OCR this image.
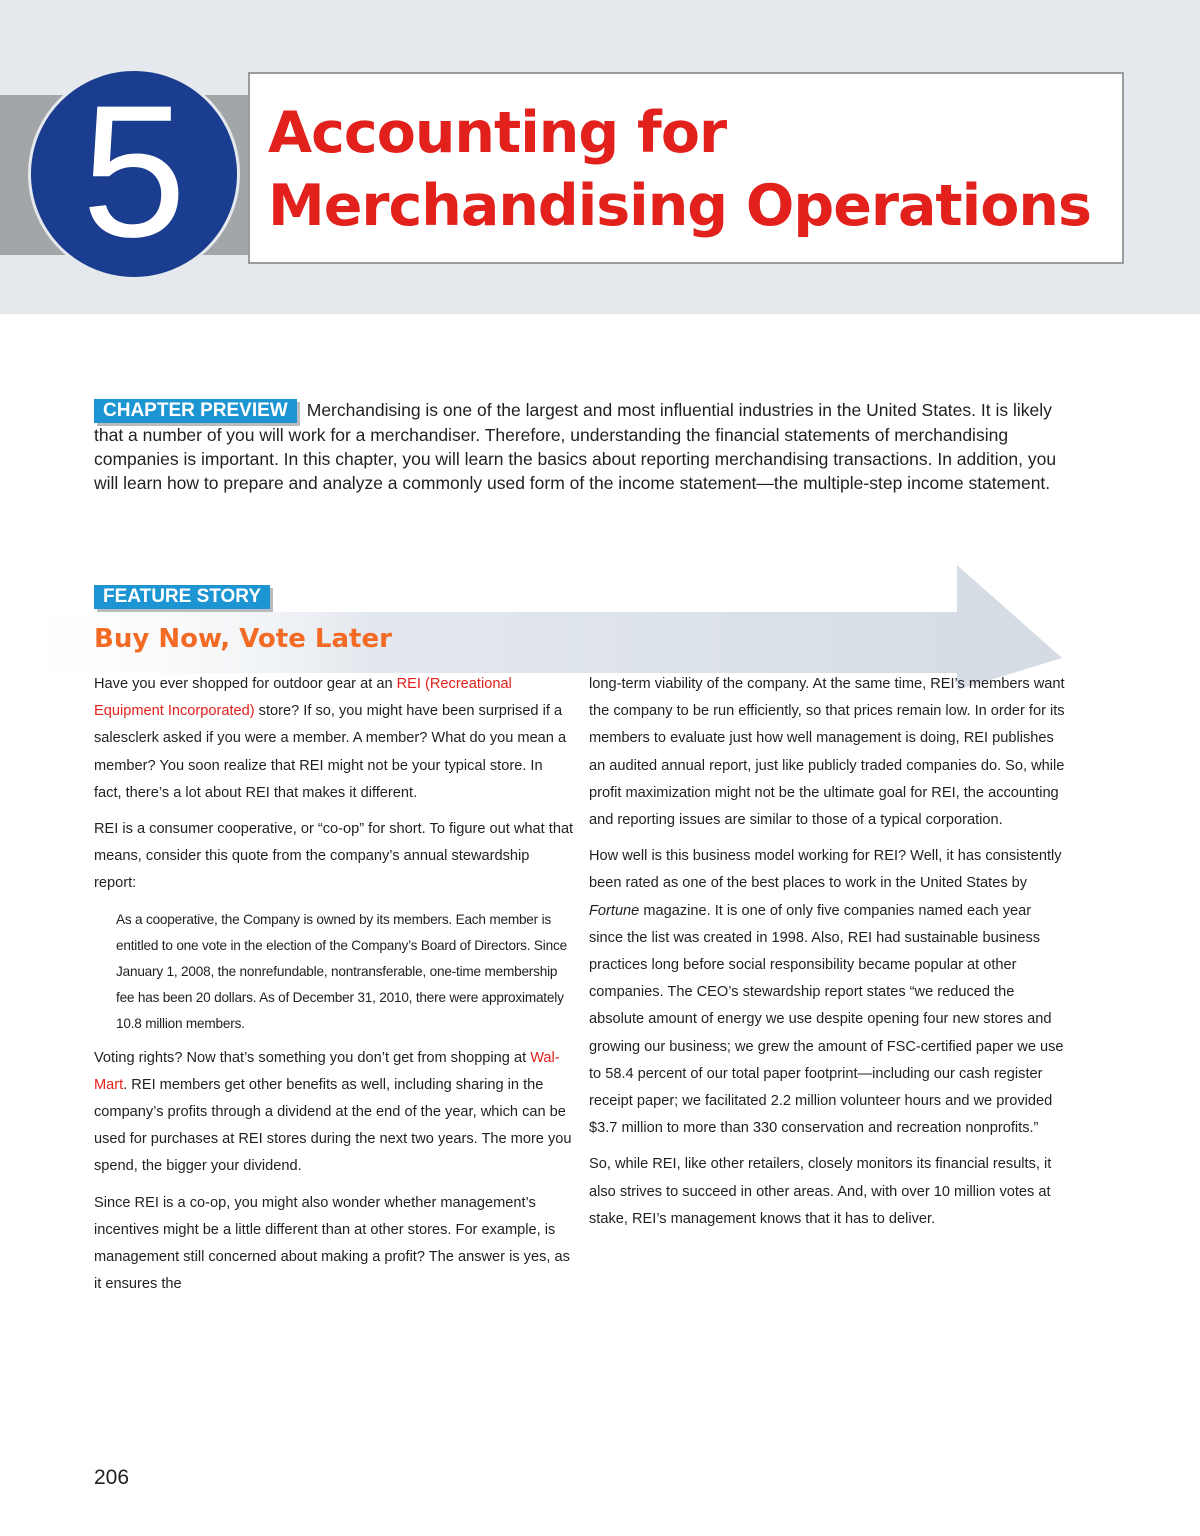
Accounting for
Merchandising Operations
5

CHAPTER PREVIEW Merchandising is one of the largest and most influential industries in the United States. It is likely that a number of you will work for a merchandiser. Therefore, understanding the financial statements of merchandising companies is important. In this chapter, you will learn the basics about reporting merchandising transactions. In addition, you will learn how to prepare and analyze a commonly used form of the income statement—the multiple-step income statement.

FEATURE STORY
Buy Now, Vote Later

Have you ever shopped for outdoor gear at an REI (Recreational Equipment Incorporated) store? If so, you might have been surprised if a salesclerk asked if you were a member. A member? What do you mean a member? You soon realize that REI might not be your typical store. In fact, there’s a lot about REI that makes it different.

REI is a consumer cooperative, or “co-op” for short. To figure out what that means, consider this quote from the company’s annual stewardship report:

As a cooperative, the Company is owned by its members. Each member is entitled to one vote in the election of the Company’s Board of Directors. Since January 1, 2008, the nonrefundable, nontransferable, one-time membership fee has been 20 dollars. As of December 31, 2010, there were approximately 10.8 million members.

Voting rights? Now that’s something you don’t get from shopping at Wal-Mart. REI members get other benefits as well, including sharing in the company’s profits through a dividend at the end of the year, which can be used for purchases at REI stores during the next two years. The more you spend, the bigger your dividend.

Since REI is a co-op, you might also wonder whether management’s incentives might be a little different than at other stores. For example, is management still concerned about making a profit? The answer is yes, as it ensures the

long-term viability of the company. At the same time, REI’s members want the company to be run efficiently, so that prices remain low. In order for its members to evaluate just how well management is doing, REI publishes an audited annual report, just like publicly traded companies do. So, while profit maximization might not be the ultimate goal for REI, the accounting and reporting issues are similar to those of a typical corporation.

How well is this business model working for REI? Well, it has consistently been rated as one of the best places to work in the United States by Fortune magazine. It is one of only five companies named each year since the list was created in 1998. Also, REI had sustainable business practices long before social responsibility became popular at other companies. The CEO’s stewardship report states “we reduced the absolute amount of energy we use despite opening four new stores and growing our business; we grew the amount of FSC-certified paper we use to 58.4 percent of our total paper footprint—including our cash register receipt paper; we facilitated 2.2 million volunteer hours and we provided $3.7 million to more than 330 conservation and recreation nonprofits.”

So, while REI, like other retailers, closely monitors its financial results, it also strives to succeed in other areas. And, with over 10 million votes at stake, REI’s management knows that it has to deliver.

206
